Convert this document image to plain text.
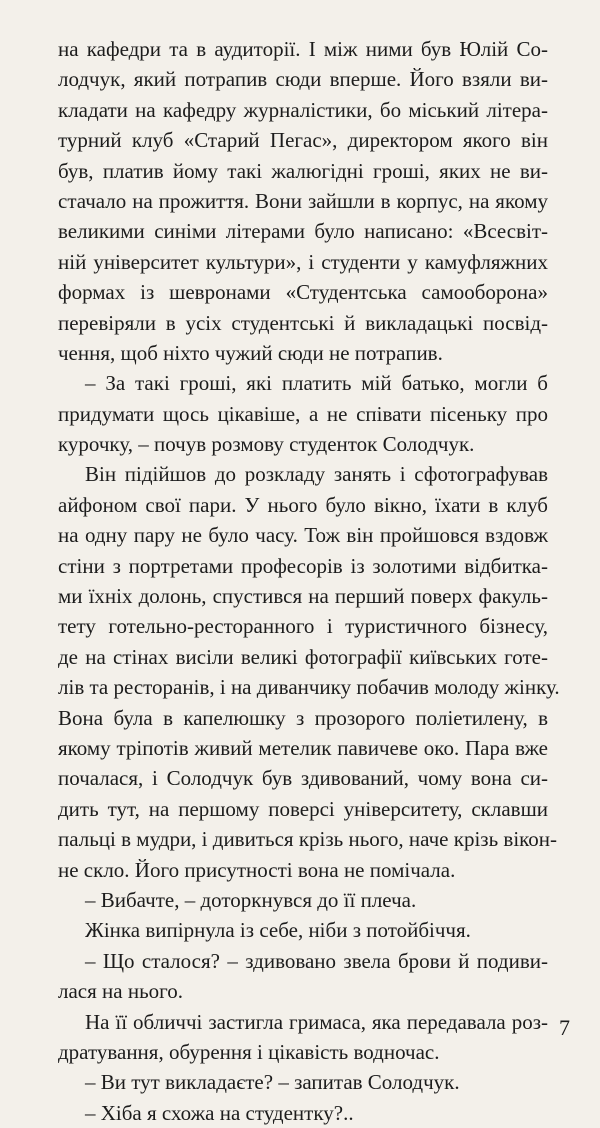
на кафедри та в аудиторії. І між ними був Юлій Со-
лодчук, який потрапив сюди вперше. Його взяли ви-
кладати на кафедру журналістики, бо міський літера-
турний клуб «Старий Пегас», директором якого він
був, платив йому такі жалюгідні гроші, яких не ви-
стачало на прожиття. Вони зайшли в корпус, на якому
великими синіми літерами було написано: «Всесвіт-
ній університет культури», і студенти у камуфляжних
формах із шевронами «Студентська самооборона»
перевіряли в усіх студентські й викладацькі посвід-
чення, щоб ніхто чужий сюди не потрапив.
– За такі гроші, які платить мій батько, могли б
придумати щось цікавіше, а не співати пісеньку про
курочку, – почув розмову студенток Солодчук.
Він підійшов до розкладу занять і сфотографував
айфоном свої пари. У нього було вікно, їхати в клуб
на одну пару не було часу. Тож він пройшовся вздовж
стіни з портретами професорів із золотими відбитка-
ми їхніх долонь, спустився на перший поверх факуль-
тету готельно-ресторанного і туристичного бізнесу,
де на стінах висіли великі фотографії київських готе-
лів та ресторанів, і на диванчику побачив молоду жінку.
Вона була в капелюшку з прозорого поліетилену, в
якому тріпотів живий метелик павичеве око. Пара вже
почалася, і Солодчук був здивований, чому вона си-
дить тут, на першому поверсі університету, склавши
пальці в мудри, і дивиться крізь нього, наче крізь вікон-
не скло. Його присутності вона не помічала.
– Вибачте, – доторкнувся до її плеча.
Жінка випірнула із себе, ніби з потойбіччя.
– Що сталося? – здивовано звела брови й подиви-
лася на нього.
На її обличчі застигла гримаса, яка передавала роз-
дратування, обурення і цікавість водночас.
– Ви тут викладаєте? – запитав Солодчук.
– Хіба я схожа на студентку?..
7
